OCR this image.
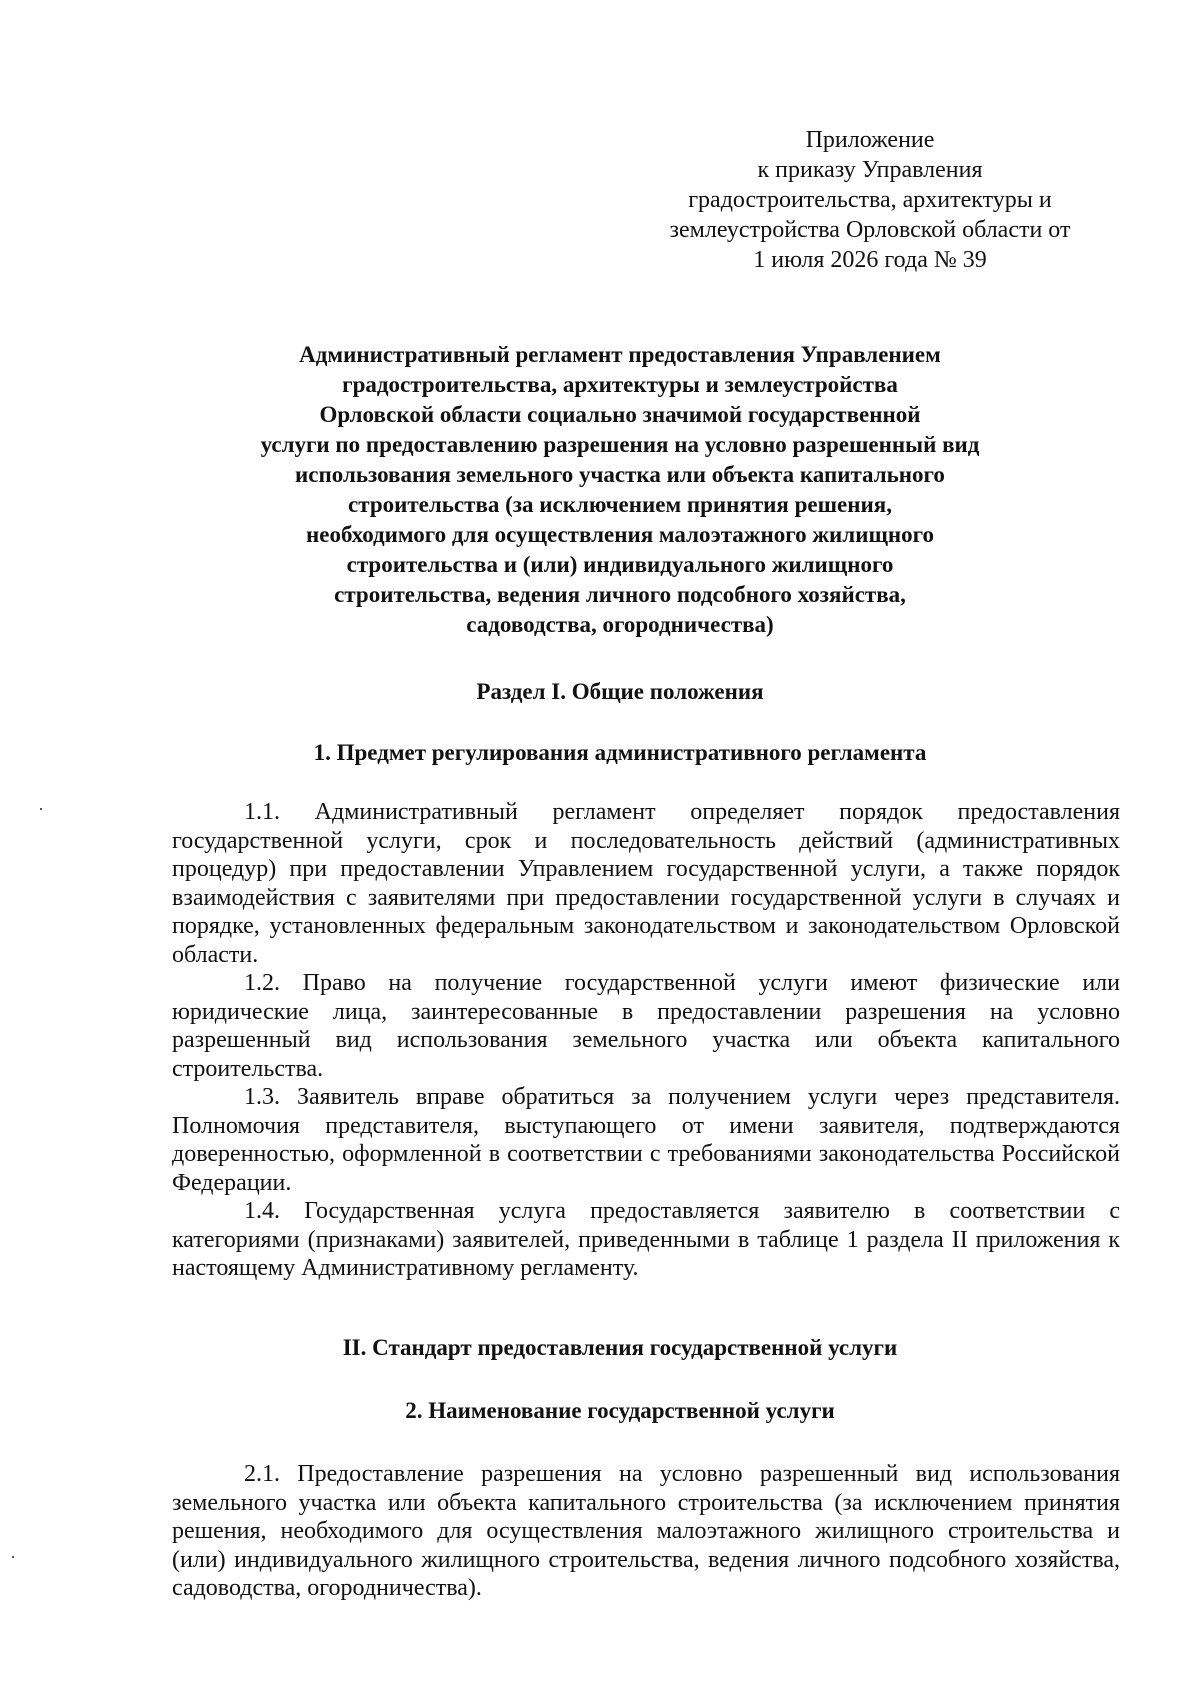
Приложение
к приказу Управления
градостроительства, архитектуры и
землеустройства Орловской области от
1 июля 2026 года № 39
Административный регламент предоставления Управлением
градостроительства, архитектуры и землеустройства
Орловской области социально значимой государственной
услуги по предоставлению разрешения на условно разрешенный вид
использования земельного участка или объекта капитального
строительства (за исключением принятия решения,
необходимого для осуществления малоэтажного жилищного
строительства и (или) индивидуального жилищного
строительства, ведения личного подсобного хозяйства,
садоводства, огородничества)
Раздел I. Общие положения
1. Предмет регулирования административного регламента

1.1. Административный регламент определяет порядок предоставления государственной услуги, срок и последовательность действий (административных процедур) при предоставлении Управлением государственной услуги, а также порядок взаимодействия с заявителями при предоставлении государственной услуги в случаях и порядке, установленных федеральным законодательством и законодательством Орловской области.

1.2. Право на получение государственной услуги имеют физические или юридические лица, заинтересованные в предоставлении разрешения на условно разрешенный вид использования земельного участка или объекта капитального строительства.

1.3. Заявитель вправе обратиться за получением услуги через представителя. Полномочия представителя, выступающего от имени заявителя, подтверждаются доверенностью, оформленной в соответствии с требованиями законодательства Российской Федерации.

1.4. Государственная услуга предоставляется заявителю в соответствии с категориями (признаками) заявителей, приведенными в таблице 1 раздела II приложения к настоящему Административному регламенту.

II. Стандарт предоставления государственной услуги
2. Наименование государственной услуги

2.1. Предоставление разрешения на условно разрешенный вид использования земельного участка или объекта капитального строительства (за исключением принятия решения, необходимого для осуществления малоэтажного жилищного строительства и (или) индивидуального жилищного строительства, ведения личного подсобного хозяйства, садоводства, огородничества).
